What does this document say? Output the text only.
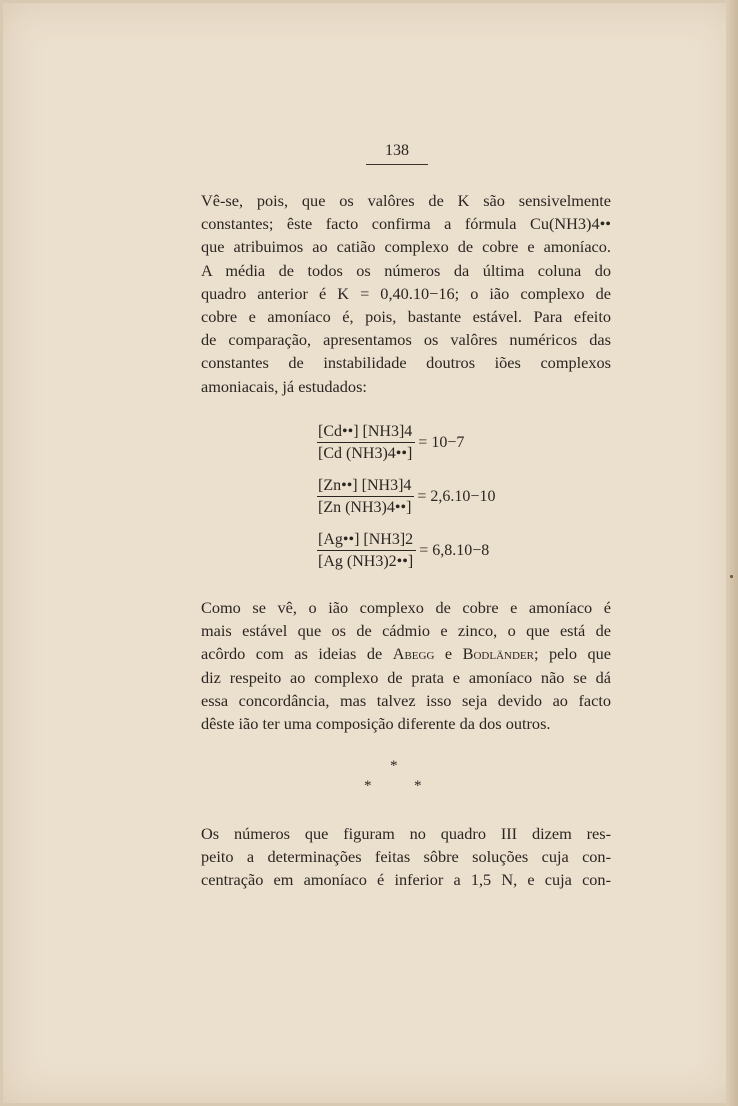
138
Vê-se, pois, que os valôres de K são sensivelmente
constantes; êste facto confirma a fórmula Cu(NH3)4••
que atribuimos ao catião complexo de cobre e amoníaco.
A média de todos os números da última coluna do
quadro anterior é K = 0,40.10−16; o ião complexo de
cobre e amoníaco é, pois, bastante estável. Para efeito
de comparação, apresentamos os valôres numéricos das
constantes de instabilidade doutros iões complexos
amoniacais, já estudados:
$\frac{[Cd••] [NH3]4}{[Cd (NH3)4••]} = 10-7$
$\frac{[Zn••] [NH3]4}{[Zn (NH3)4••]} = 2,6.10-10$
$\frac{[Ag••] [NH3]2}{[Ag (NH3)2••]} = 6,8.10-8$
Como se vê, o ião complexo de cobre e amoníaco é
mais estável que os de cádmio e zinco, o que está de
acôrdo com as ideias de Abegg e Bodländer; pelo que
diz respeito ao complexo de prata e amoníaco não se dá
essa concordância, mas talvez isso seja devido ao facto
dêste ião ter uma composição diferente da dos outros.
*
*	*
Os números que figuram no quadro III dizem res-
peito a determinações feitas sôbre soluções cuja con-
centração em amoníaco é inferior a 1,5 N, e cuja con-
